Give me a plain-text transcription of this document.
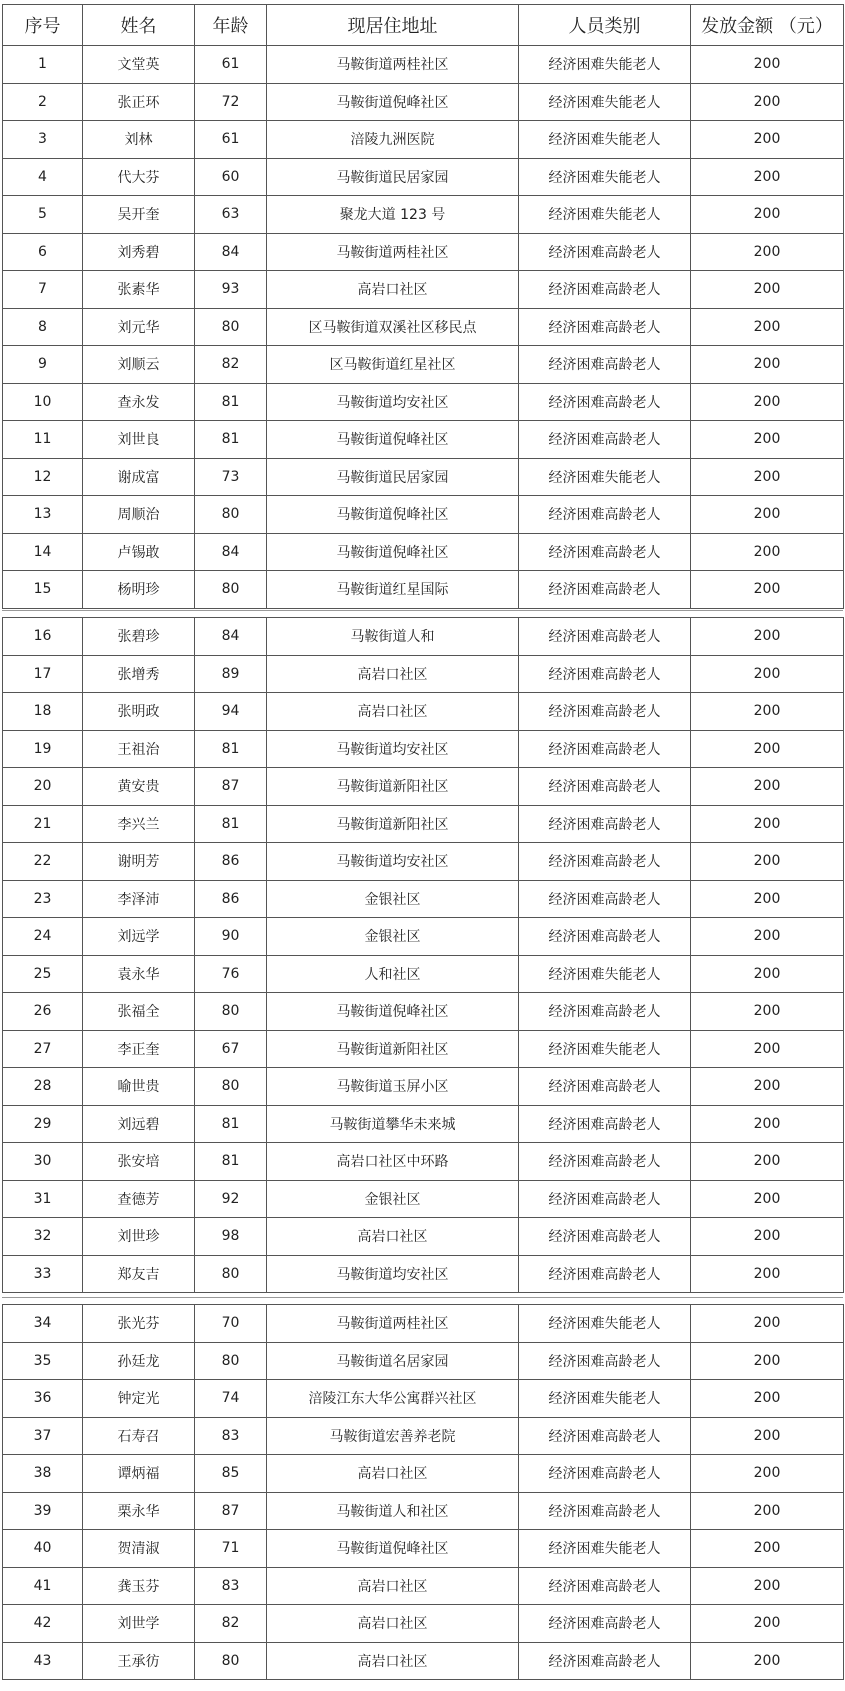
序号	姓名	年龄	现居住地址	人员类别	发放金额 （元）
1	文堂英	61	马鞍街道两桂社区	经济困难失能老人	200
2	张正环	72	马鞍街道倪峰社区	经济困难失能老人	200
3	刘林	61	涪陵九洲医院	经济困难失能老人	200
4	代大芬	60	马鞍街道民居家园	经济困难失能老人	200
5	吴开奎	63	聚龙大道 123 号	经济困难失能老人	200
6	刘秀碧	84	马鞍街道两桂社区	经济困难高龄老人	200
7	张素华	93	高岩口社区	经济困难高龄老人	200
8	刘元华	80	区马鞍街道双溪社区移民点	经济困难高龄老人	200
9	刘顺云	82	区马鞍街道红星社区	经济困难高龄老人	200
10	查永发	81	马鞍街道均安社区	经济困难高龄老人	200
11	刘世良	81	马鞍街道倪峰社区	经济困难高龄老人	200
12	谢成富	73	马鞍街道民居家园	经济困难失能老人	200
13	周顺治	80	马鞍街道倪峰社区	经济困难高龄老人	200
14	卢锡敢	84	马鞍街道倪峰社区	经济困难高龄老人	200
15	杨明珍	80	马鞍街道红星国际	经济困难高龄老人	200
16	张碧珍	84	马鞍街道人和	经济困难高龄老人	200
17	张增秀	89	高岩口社区	经济困难高龄老人	200
18	张明政	94	高岩口社区	经济困难高龄老人	200
19	王祖治	81	马鞍街道均安社区	经济困难高龄老人	200
20	黄安贵	87	马鞍街道新阳社区	经济困难高龄老人	200
21	李兴兰	81	马鞍街道新阳社区	经济困难高龄老人	200
22	谢明芳	86	马鞍街道均安社区	经济困难高龄老人	200
23	李泽沛	86	金银社区	经济困难高龄老人	200
24	刘远学	90	金银社区	经济困难高龄老人	200
25	袁永华	76	人和社区	经济困难失能老人	200
26	张福全	80	马鞍街道倪峰社区	经济困难高龄老人	200
27	李正奎	67	马鞍街道新阳社区	经济困难失能老人	200
28	喻世贵	80	马鞍街道玉屏小区	经济困难高龄老人	200
29	刘远碧	81	马鞍街道攀华未来城	经济困难高龄老人	200
30	张安培	81	高岩口社区中环路	经济困难高龄老人	200
31	查德芳	92	金银社区	经济困难高龄老人	200
32	刘世珍	98	高岩口社区	经济困难高龄老人	200
33	郑友吉	80	马鞍街道均安社区	经济困难高龄老人	200
34	张光芬	70	马鞍街道两桂社区	经济困难失能老人	200
35	孙廷龙	80	马鞍街道名居家园	经济困难高龄老人	200
36	钟定光	74	涪陵江东大华公寓群兴社区	经济困难失能老人	200
37	石寿召	83	马鞍街道宏善养老院	经济困难高龄老人	200
38	谭炳福	85	高岩口社区	经济困难高龄老人	200
39	栗永华	87	马鞍街道人和社区	经济困难高龄老人	200
40	贺清淑	71	马鞍街道倪峰社区	经济困难失能老人	200
41	龚玉芬	83	高岩口社区	经济困难高龄老人	200
42	刘世学	82	高岩口社区	经济困难高龄老人	200
43	王承彷	80	高岩口社区	经济困难高龄老人	200
